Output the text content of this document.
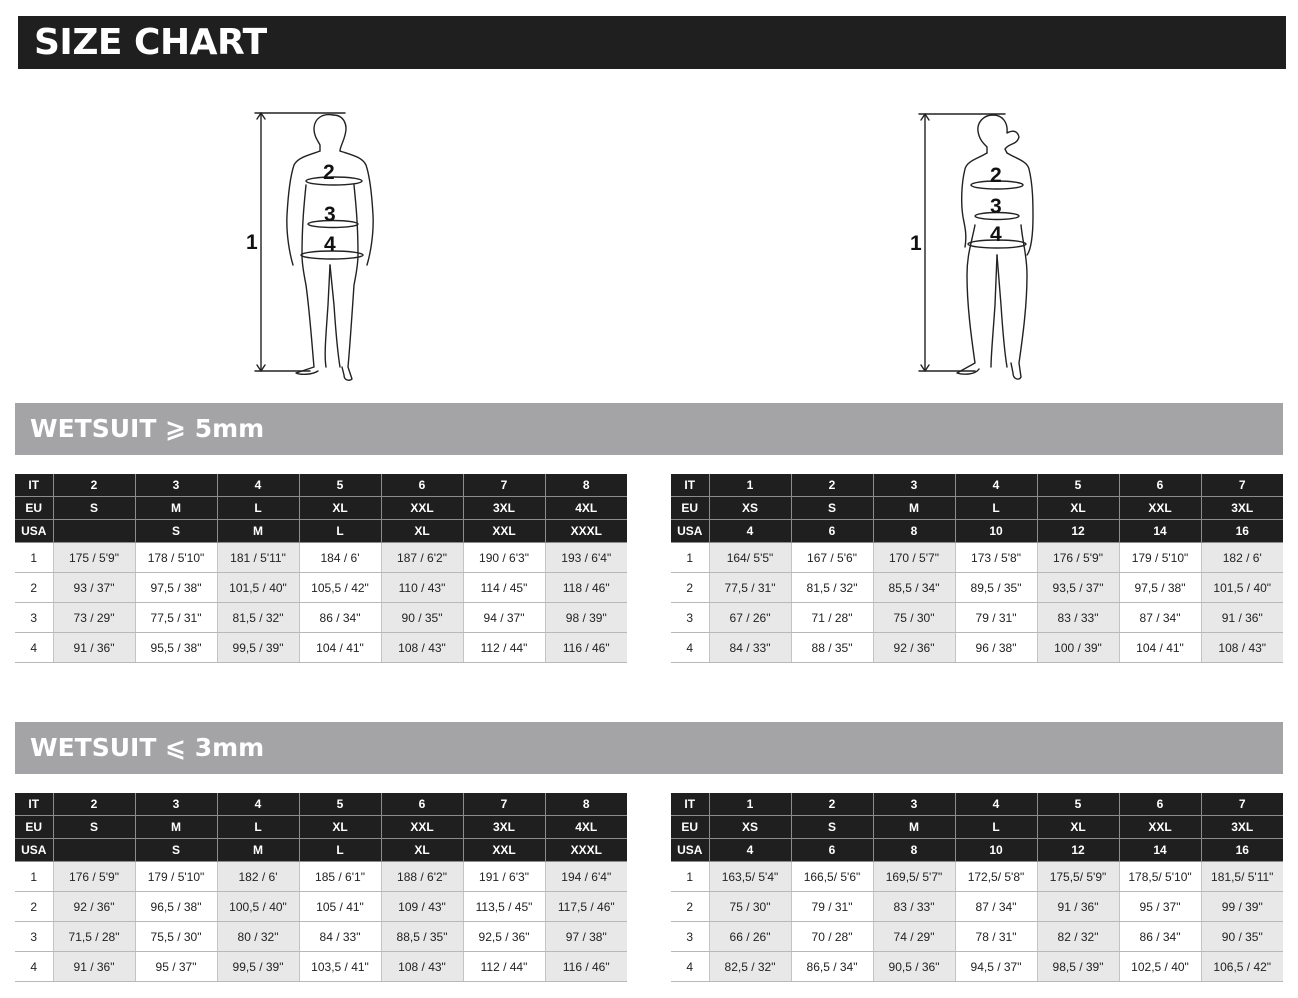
SIZE CHART
1
2
3
4	1
2
3
4
WETSUIT ⩾ 5mm
IT	2	3	4	5	6	7	8
EU	S	M	L	XL	XXL	3XL	4XL
USA		S	M	L	XL	XXL	XXXL
1	175 / 5'9"	178 / 5'10"	181 / 5'11"	184 / 6'	187 / 6'2"	190 / 6'3"	193 / 6'4"
2	93 / 37"	97,5 / 38"	101,5 / 40"	105,5 / 42"	110 / 43"	114 / 45"	118 / 46"
3	73 / 29"	77,5 / 31"	81,5 / 32"	86 / 34"	90 / 35"	94 / 37"	98 / 39"
4	91 / 36"	95,5 / 38"	99,5 / 39"	104 / 41"	108 / 43"	112 / 44"	116 / 46"
IT	1	2	3	4	5	6	7
EU	XS	S	M	L	XL	XXL	3XL
USA	4	6	8	10	12	14	16
1	164/ 5'5"	167 / 5'6"	170 / 5'7"	173 / 5'8"	176 / 5'9"	179 / 5'10"	182 / 6'
2	77,5 / 31"	81,5 / 32"	85,5 / 34"	89,5 / 35"	93,5 / 37"	97,5 / 38"	101,5 / 40"
3	67 / 26"	71 / 28"	75 / 30"	79 / 31"	83 / 33"	87 / 34"	91 / 36"
4	84 / 33"	88 / 35"	92 / 36"	96 / 38"	100 / 39"	104 / 41"	108 / 43"
WETSUIT ⩽ 3mm
IT	2	3	4	5	6	7	8
EU	S	M	L	XL	XXL	3XL	4XL
USA		S	M	L	XL	XXL	XXXL
1	176 / 5'9"	179 / 5'10"	182 / 6'	185 / 6'1"	188 / 6'2"	191 / 6'3"	194 / 6'4"
2	92 / 36"	96,5 / 38"	100,5 / 40"	105 / 41"	109 / 43"	113,5 / 45"	117,5 / 46"
3	71,5 / 28"	75,5 / 30"	80 / 32"	84 / 33"	88,5 / 35"	92,5 / 36"	97 / 38"
4	91 / 36"	95 / 37"	99,5 / 39"	103,5 / 41"	108 / 43"	112 / 44"	116 / 46"
IT	1	2	3	4	5	6	7
EU	XS	S	M	L	XL	XXL	3XL
USA	4	6	8	10	12	14	16
1	163,5/ 5'4"	166,5/ 5'6"	169,5/ 5'7"	172,5/ 5'8"	175,5/ 5'9"	178,5/ 5'10"	181,5/ 5'11"
2	75 / 30"	79 / 31"	83 / 33"	87 / 34"	91 / 36"	95 / 37"	99 / 39"
3	66 / 26"	70 / 28"	74 / 29"	78 / 31"	82 / 32"	86 / 34"	90 / 35"
4	82,5 / 32"	86,5 / 34"	90,5 / 36"	94,5 / 37"	98,5 / 39"	102,5 / 40"	106,5 / 42"
